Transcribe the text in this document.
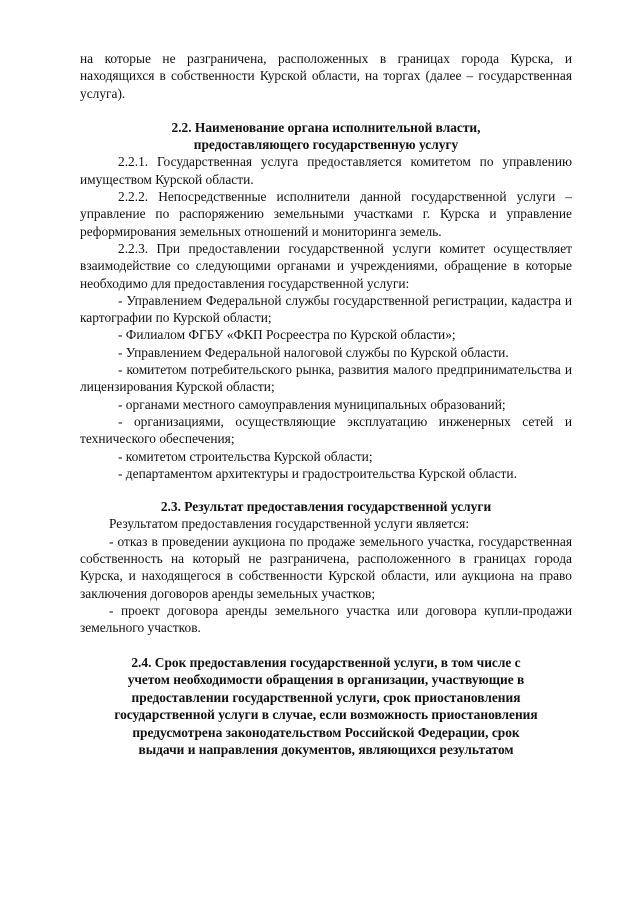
на которые не разграничена, расположенных в границах города Курска, и находящихся в собственности Курской области, на торгах (далее – государственная услуга).

2.2. Наименование органа исполнительной власти,
предоставляющего государственную услугу

2.2.1. Государственная услуга предоставляется комитетом по управлению имуществом Курской области.

2.2.2. Непосредственные исполнители данной государственной услуги – управление по распоряжению земельными участками г. Курска и управление реформирования земельных отношений и мониторинга земель.

2.2.3. При предоставлении государственной услуги комитет осуществляет взаимодействие со следующими органами и учреждениями, обращение в которые необходимо для предоставления государственной услуги:

- Управлением Федеральной службы государственной регистрации, кадастра и картографии по Курской области;

- Филиалом ФГБУ «ФКП Росреестра по Курской области»;

- Управлением Федеральной налоговой службы по Курской области.

- комитетом потребительского рынка, развития малого предпринимательства и лицензирования Курской области;

- органами местного самоуправления муниципальных образований;

- организациями, осуществляющие эксплуатацию инженерных сетей и технического обеспечения;

- комитетом строительства Курской области;

- департаментом архитектуры и градостроительства Курской области.

2.3. Результат предоставления государственной услуги

Результатом предоставления государственной услуги является:

- отказ в проведении аукциона по продаже земельного участка, государственная собственность на который не разграничена, расположенного в границах города Курска, и находящегося в собственности Курской области, или аукциона на право заключения договоров аренды земельных участков;

- проект договора аренды земельного участка или договора купли-продажи земельного участков.

2.4. Срок предоставления государственной услуги, в том числе с
учетом необходимости обращения в организации, участвующие в
предоставлении государственной услуги, срок приостановления
государственной услуги в случае, если возможность приостановления
предусмотрена законодательством Российской Федерации, срок
выдачи и направления документов, являющихся результатом
